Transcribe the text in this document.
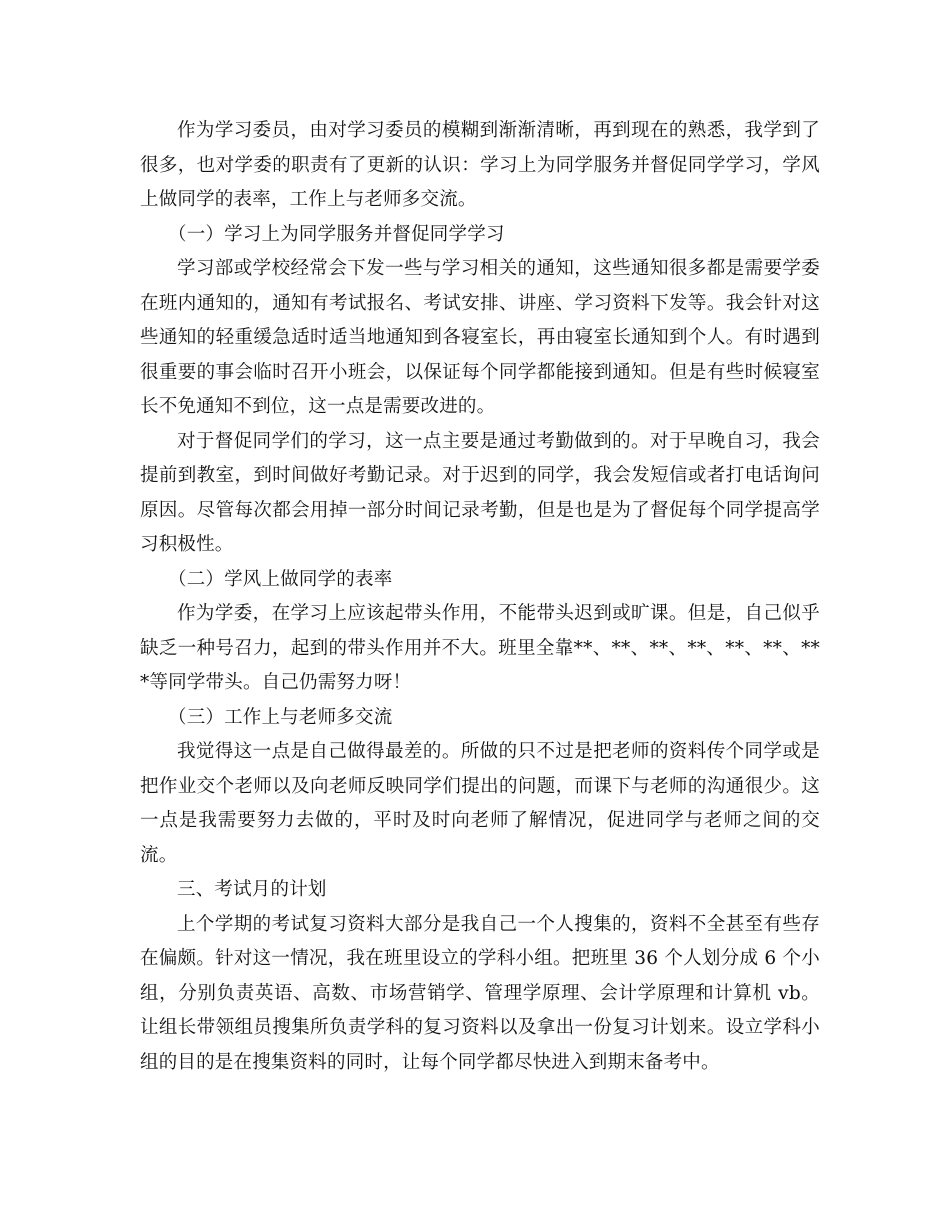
作为学习委员，由对学习委员的模糊到渐渐清晰，再到现在的熟悉，我学到了很多，也对学委的职责有了更新的认识：学习上为同学服务并督促同学学习，学风上做同学的表率，工作上与老师多交流。

（一）学习上为同学服务并督促同学学习

学习部或学校经常会下发一些与学习相关的通知，这些通知很多都是需要学委在班内通知的，通知有考试报名、考试安排、讲座、学习资料下发等。我会针对这些通知的轻重缓急适时适当地通知到各寝室长，再由寝室长通知到个人。有时遇到很重要的事会临时召开小班会，以保证每个同学都能接到通知。但是有些时候寝室长不免通知不到位，这一点是需要改进的。

对于督促同学们的学习，这一点主要是通过考勤做到的。对于早晚自习，我会提前到教室，到时间做好考勤记录。对于迟到的同学，我会发短信或者打电话询问原因。尽管每次都会用掉一部分时间记录考勤，但是也是为了督促每个同学提高学习积极性。

（二）学风上做同学的表率

作为学委，在学习上应该起带头作用，不能带头迟到或旷课。但是，自己似乎缺乏一种号召力，起到的带头作用并不大。班里全靠**、**、**、**、**、**、***等同学带头。自己仍需努力呀！

（三）工作上与老师多交流

我觉得这一点是自己做得最差的。所做的只不过是把老师的资料传个同学或是把作业交个老师以及向老师反映同学们提出的问题，而课下与老师的沟通很少。这一点是我需要努力去做的，平时及时向老师了解情况，促进同学与老师之间的交流。

三、考试月的计划

上个学期的考试复习资料大部分是我自己一个人搜集的，资料不全甚至有些存在偏颇。针对这一情况，我在班里设立的学科小组。把班里 36 个人划分成 6 个小组，分别负责英语、高数、市场营销学、管理学原理、会计学原理和计算机 vb。让组长带领组员搜集所负责学科的复习资料以及拿出一份复习计划来。设立学科小组的目的是在搜集资料的同时，让每个同学都尽快进入到期末备考中。
